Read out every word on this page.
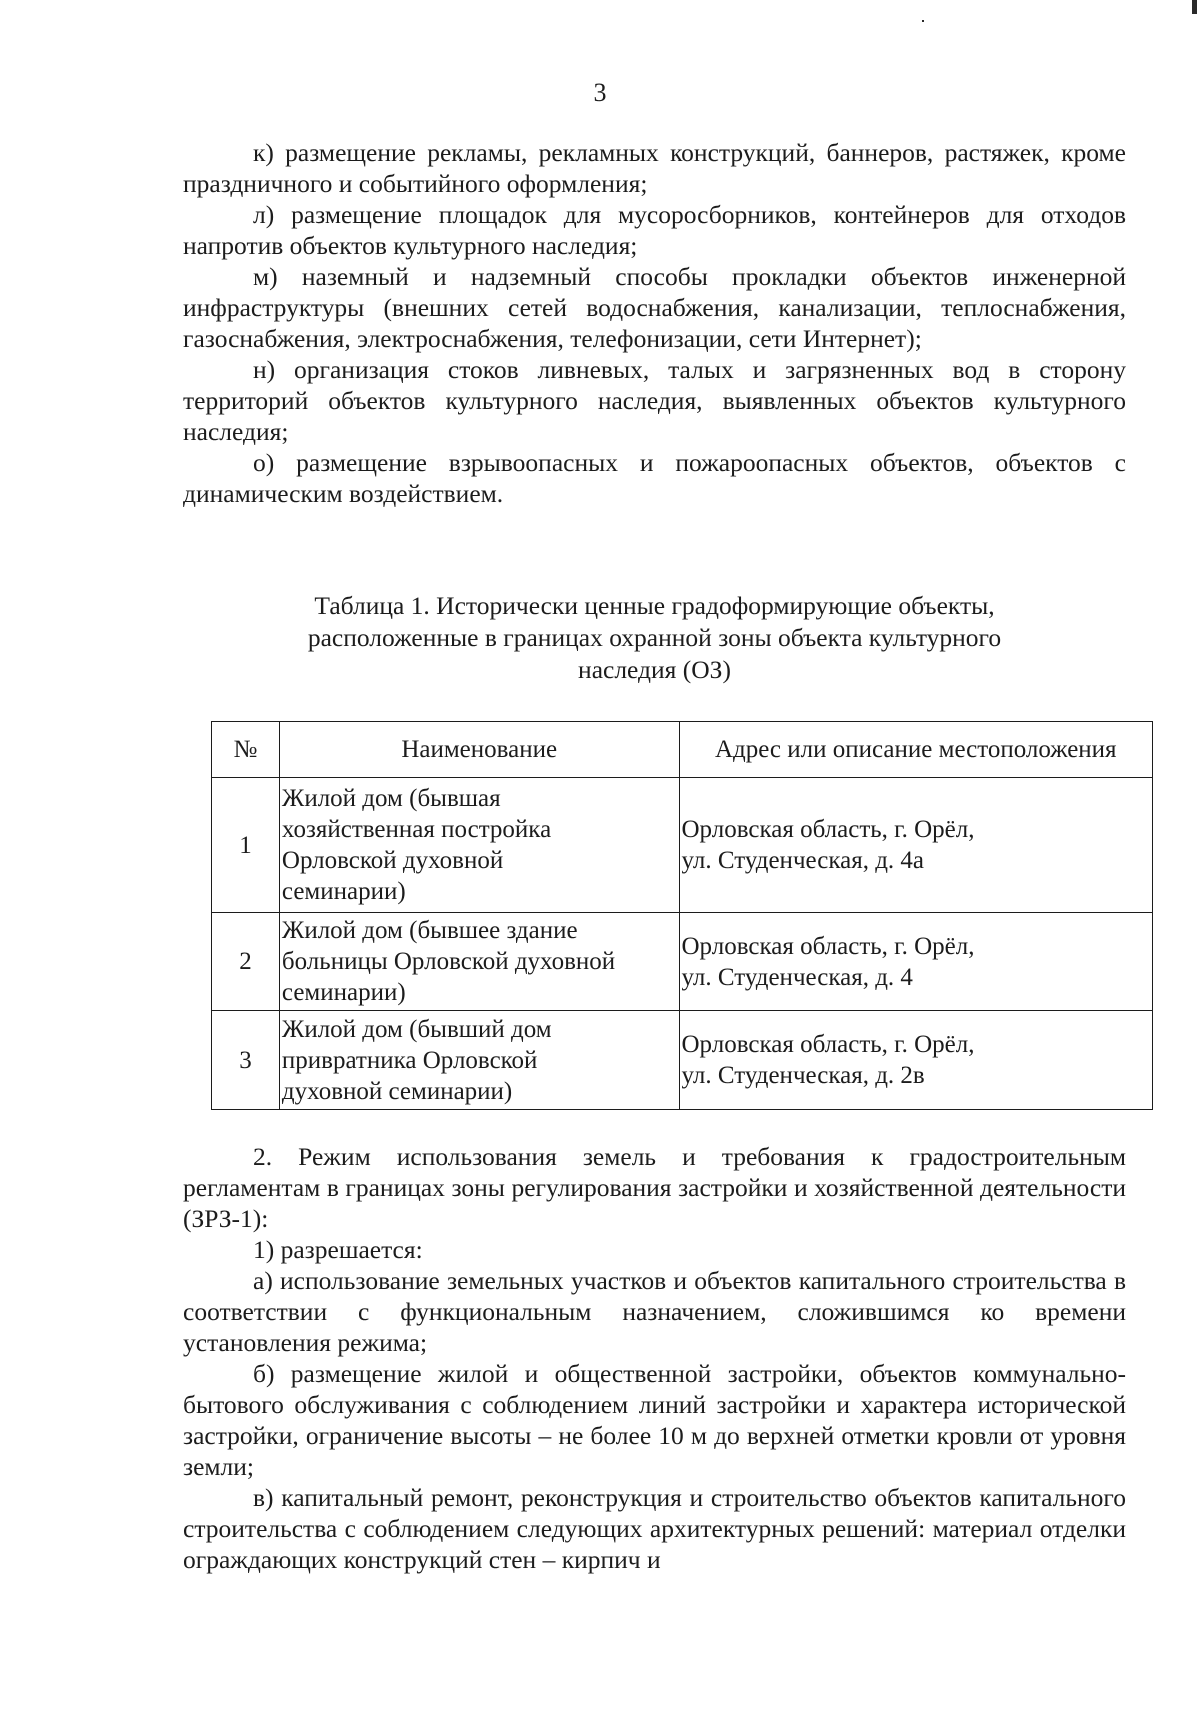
3

к) размещение рекламы, рекламных конструкций, баннеров, растяжек, кроме праздничного и событийного оформления;

л) размещение площадок для мусоросборников, контейнеров для отходов напротив объектов культурного наследия;

м) наземный и надземный способы прокладки объектов инженерной инфраструктуры (внешних сетей водоснабжения, канализации, теплоснабжения, газоснабжения, электроснабжения, телефонизации, сети Интернет);

н) организация стоков ливневых, талых и загрязненных вод в сторону территорий объектов культурного наследия, выявленных объектов культурного наследия;

о) размещение взрывоопасных и пожароопасных объектов, объектов с динамическим воздействием.

Таблица 1. Исторически ценные градоформирующие объекты,
расположенные в границах охранной зоны объекта культурного
наследия (ОЗ)
№	Наименование	Адрес или описание местоположения
1	Жилой дом (бывшая
хозяйственная постройка
Орловской духовной
семинарии)	Орловская область, г. Орёл,
ул. Студенческая, д. 4а

2	Жилой дом (бывшее здание
больницы Орловской духовной
семинарии)	Орловская область, г. Орёл,
ул. Студенческая, д. 4

3	Жилой дом (бывший дом
привратника Орловской
духовной семинарии)	Орловская область, г. Орёл,
ул. Студенческая, д. 2в

2. Режим использования земель и требования к градостроительным регламентам в границах зоны регулирования застройки и хозяйственной деятельности (ЗРЗ-1):

1) разрешается:

а) использование земельных участков и объектов капитального строительства в соответствии с функциональным назначением, сложившимся ко времени установления режима;

б) размещение жилой и общественной застройки, объектов коммунально-бытового обслуживания с соблюдением линий застройки и характера исторической застройки, ограничение высоты – не более 10 м до верхней отметки кровли от уровня земли;

в) капитальный ремонт, реконструкция и строительство объектов капитального строительства с соблюдением следующих архитектурных решений: материал отделки ограждающих конструкций стен – кирпич и
